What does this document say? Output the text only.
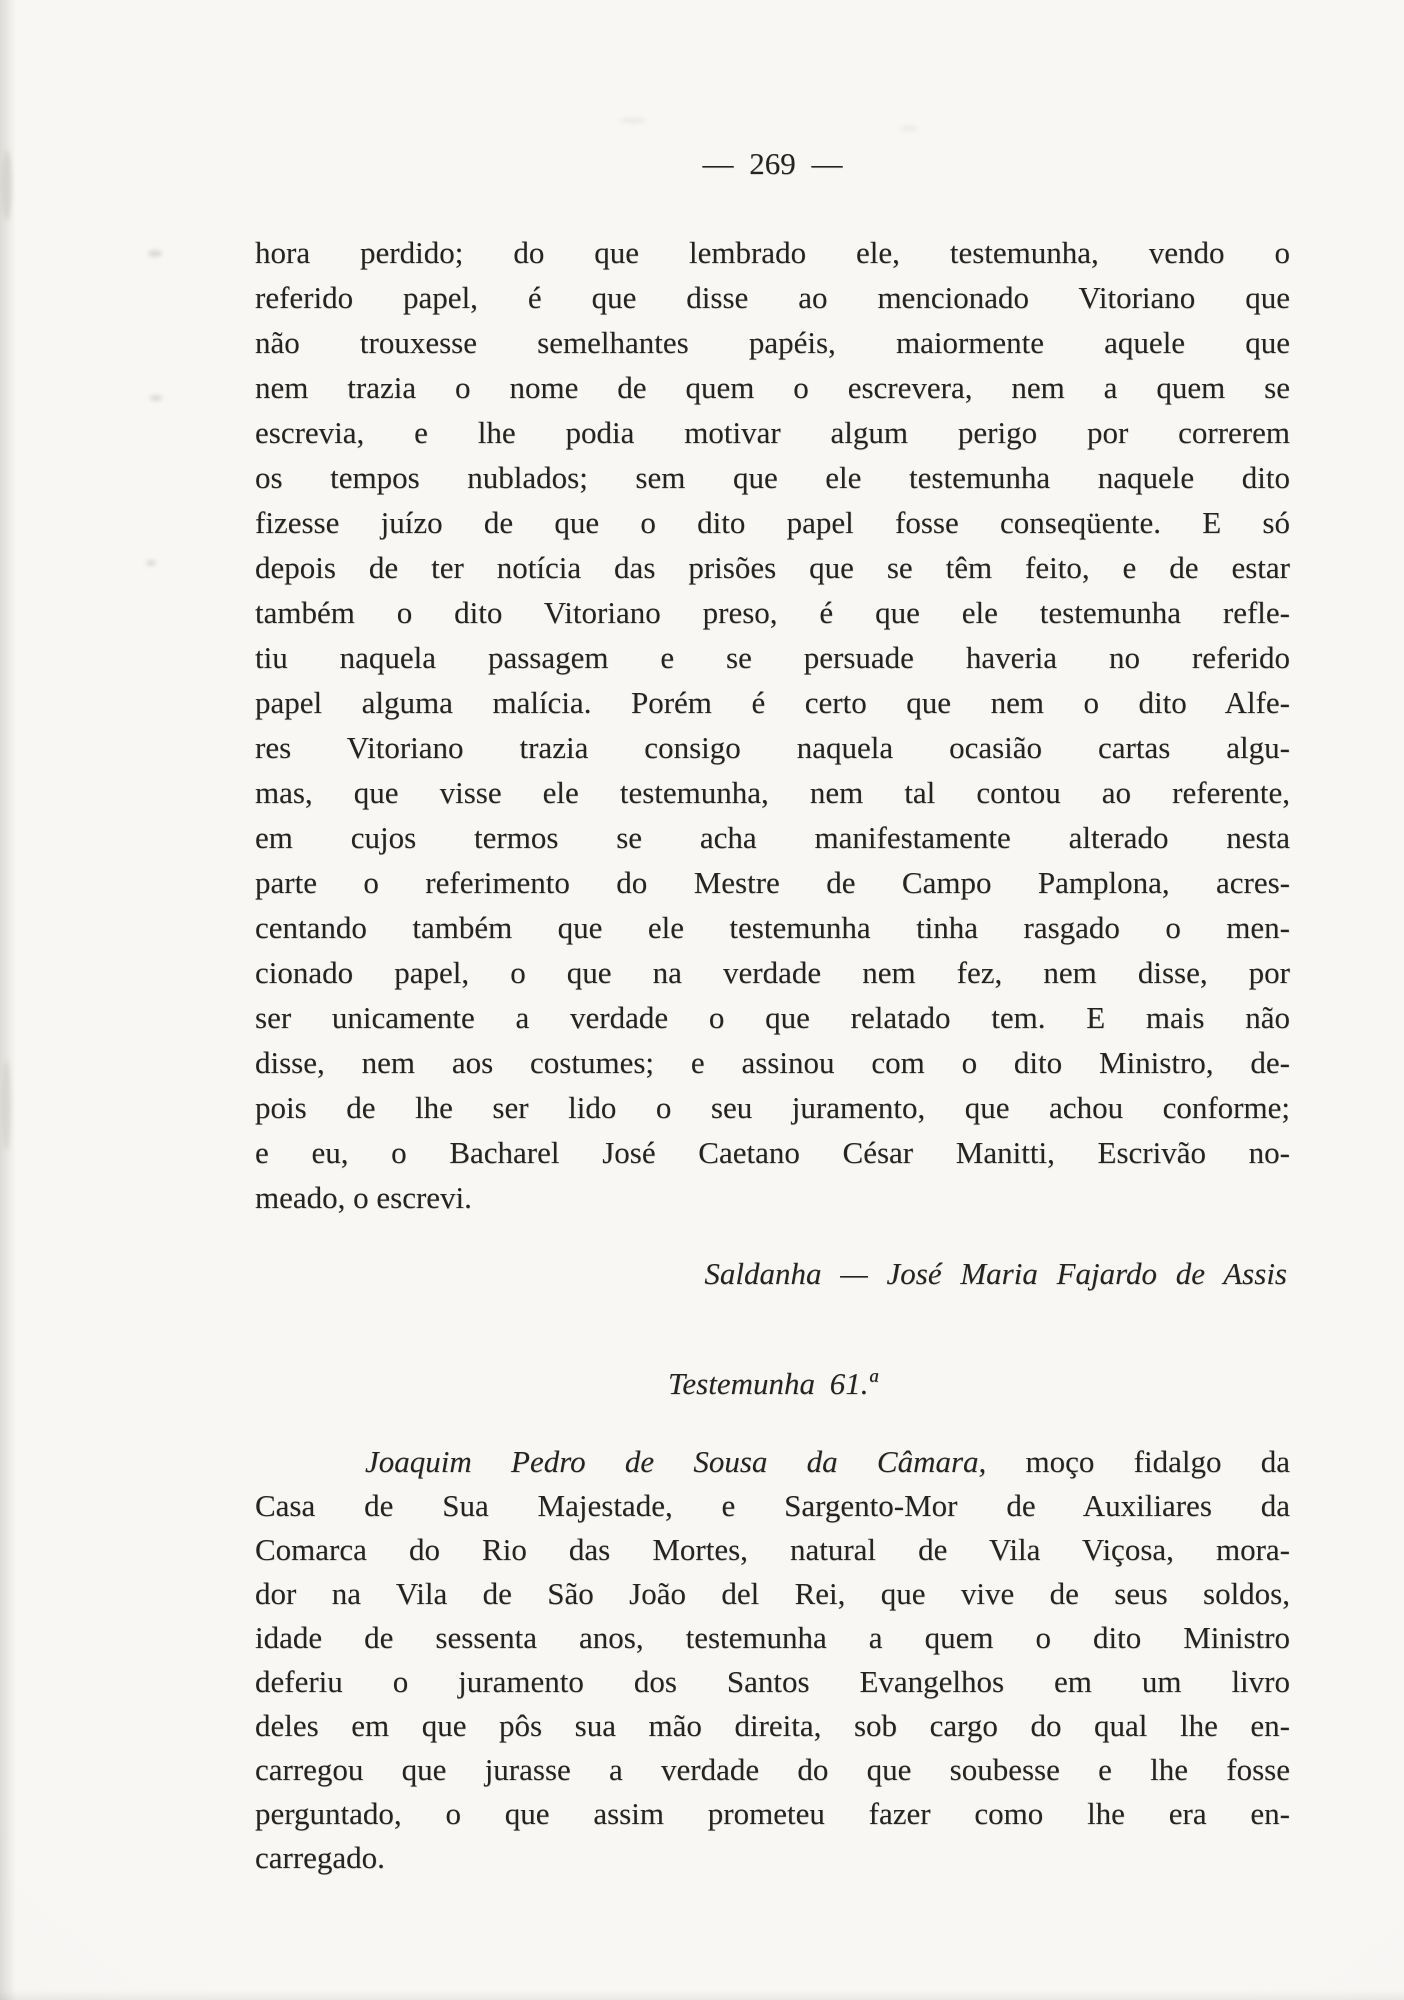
— 269 —
hora perdido; do que lembrado ele, testemunha, vendo o
referido papel, é que disse ao mencionado Vitoriano que
não trouxesse semelhantes papéis, maiormente aquele que
nem trazia o nome de quem o escrevera, nem a quem se
escrevia, e lhe podia motivar algum perigo por correrem
os tempos nublados; sem que ele testemunha naquele dito
fizesse juízo de que o dito papel fosse conseqüente. E só
depois de ter notícia das prisões que se têm feito, e de estar
também o dito Vitoriano preso, é que ele testemunha refle-
tiu naquela passagem e se persuade haveria no referido
papel alguma malícia. Porém é certo que nem o dito Alfe-
res Vitoriano trazia consigo naquela ocasião cartas algu-
mas, que visse ele testemunha, nem tal contou ao referente,
em cujos termos se acha manifestamente alterado nesta
parte o referimento do Mestre de Campo Pamplona, acres-
centando também que ele testemunha tinha rasgado o men-
cionado papel, o que na verdade nem fez, nem disse, por
ser unicamente a verdade o que relatado tem. E mais não
disse, nem aos costumes; e assinou com o dito Ministro, de-
pois de lhe ser lido o seu juramento, que achou conforme;
e eu, o Bacharel José Caetano César Manitti, Escrivão no-
meado, o escrevi.
Saldanha — José Maria Fajardo de Assis
Testemunha 61.ª
Joaquim Pedro de Sousa da Câmara, moço fidalgo da
Casa de Sua Majestade, e Sargento-Mor de Auxiliares da
Comarca do Rio das Mortes, natural de Vila Viçosa, mora-
dor na Vila de São João del Rei, que vive de seus soldos,
idade de sessenta anos, testemunha a quem o dito Ministro
deferiu o juramento dos Santos Evangelhos em um livro
deles em que pôs sua mão direita, sob cargo do qual lhe en-
carregou que jurasse a verdade do que soubesse e lhe fosse
perguntado, o que assim prometeu fazer como lhe era en-
carregado.
